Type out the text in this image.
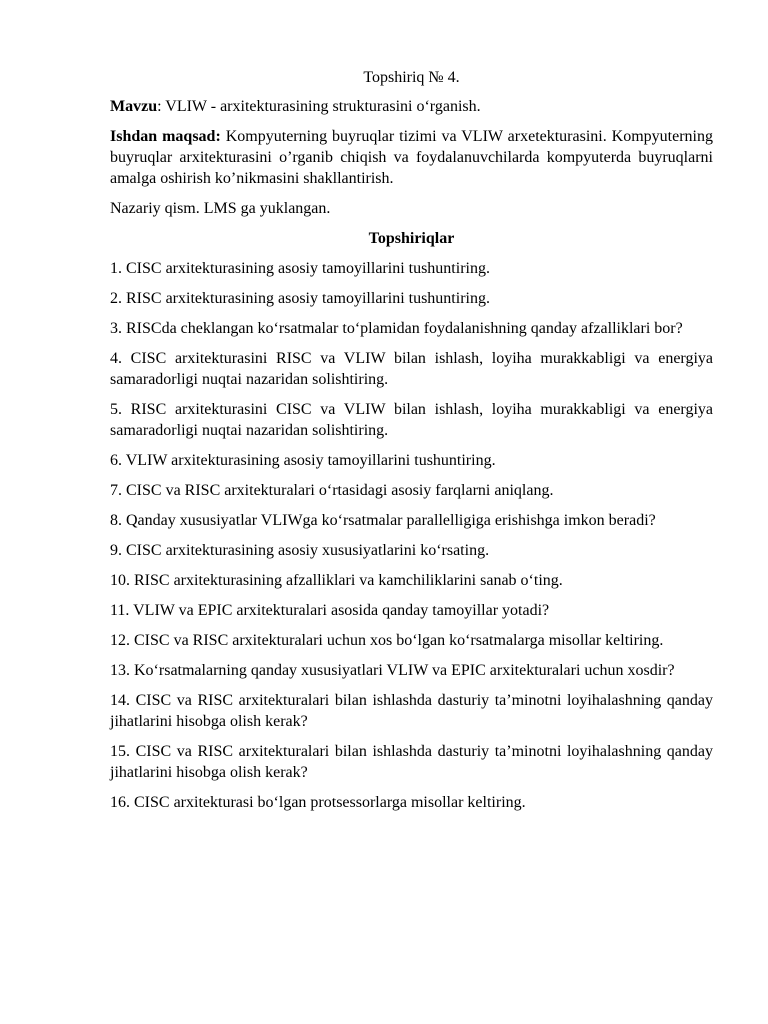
Topshiriq № 4.

Mavzu: VLIW - arxitekturasining strukturasini o‘rganish.

Ishdan maqsad: Kompyuterning buyruqlar tizimi va VLIW arxetekturasini. Kompyuterning buyruqlar arxitekturasini o’rganib chiqish va foydalanuvchilarda kompyuterda buyruqlarni amalga oshirish ko’nikmasini shakllantirish.

Nazariy qism. LMS ga yuklangan.

Topshiriqlar
1. CISC arxitekturasining asosiy tamoyillarini tushuntiring.
2. RISC arxitekturasining asosiy tamoyillarini tushuntiring.
3. RISCda cheklangan ko‘rsatmalar to‘plamidan foydalanishning qanday afzalliklari bor?
4. CISC arxitekturasini RISC va VLIW bilan ishlash, loyiha murakkabligi va energiya samaradorligi nuqtai nazaridan solishtiring.
5. RISC arxitekturasini CISC va VLIW bilan ishlash, loyiha murakkabligi va energiya samaradorligi nuqtai nazaridan solishtiring.
6. VLIW arxitekturasining asosiy tamoyillarini tushuntiring.
7. CISC va RISC arxitekturalari o‘rtasidagi asosiy farqlarni aniqlang.
8. Qanday xususiyatlar VLIWga ko‘rsatmalar parallelligiga erishishga imkon beradi?
9. CISC arxitekturasining asosiy xususiyatlarini ko‘rsating.
10. RISC arxitekturasining afzalliklari va kamchiliklarini sanab o‘ting.
11. VLIW va EPIC arxitekturalari asosida qanday tamoyillar yotadi?
12. CISC va RISC arxitekturalari uchun xos bo‘lgan ko‘rsatmalarga misollar keltiring.
13. Ko‘rsatmalarning qanday xususiyatlari VLIW va EPIC arxitekturalari uchun xosdir?
14. CISC va RISC arxitekturalari bilan ishlashda dasturiy ta’minotni loyihalashning qanday jihatlarini hisobga olish kerak?
15. CISC va RISC arxitekturalari bilan ishlashda dasturiy ta’minotni loyihalashning qanday jihatlarini hisobga olish kerak?
16. CISC arxitekturasi bo‘lgan protsessorlarga misollar keltiring.
